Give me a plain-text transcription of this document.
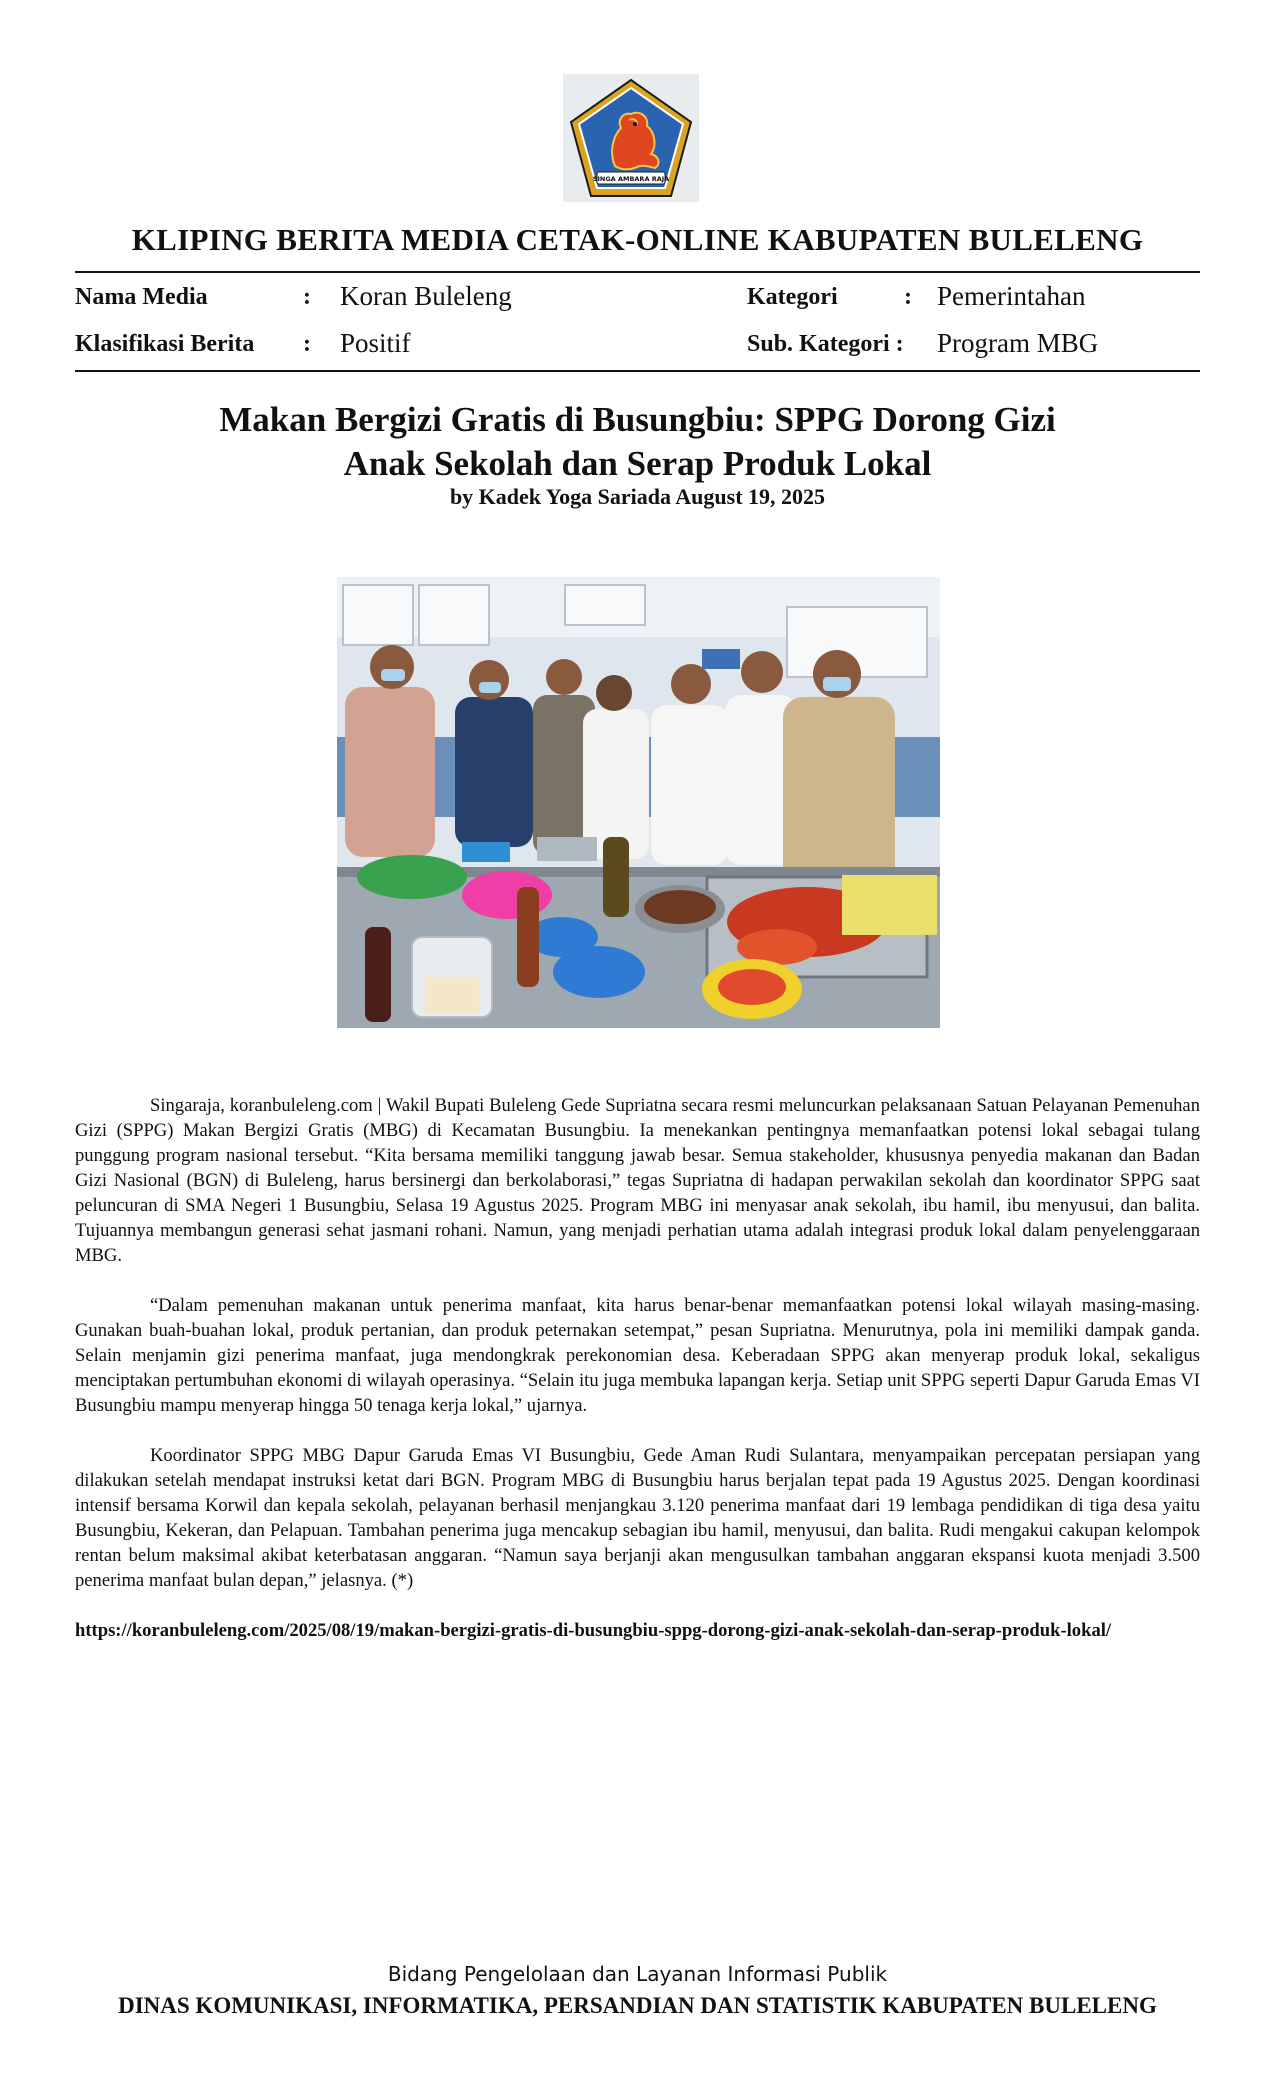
SINGA AMBARA RAJA
KLIPING BERITA MEDIA CETAK-ONLINE KABUPATEN BULELENG
Nama Media	: Koran Buleleng
Klasifikasi Berita : Positif
Kategori	: Pemerintahan
Sub. Kategori : Program MBG
Makan Bergizi Gratis di Busungbiu: SPPG Dorong Gizi
Anak Sekolah dan Serap Produk Lokal

by Kadek Yoga Sariada August 19, 2025

Singaraja, koranbuleleng.com | Wakil Bupati Buleleng Gede Supriatna secara resmi meluncurkan pelaksanaan Satuan Pelayanan Pemenuhan Gizi (SPPG) Makan Bergizi Gratis (MBG) di Kecamatan Busungbiu. Ia menekankan pentingnya memanfaatkan potensi lokal sebagai tulang punggung program nasional tersebut. “Kita bersama memiliki tanggung jawab besar. Semua stakeholder, khususnya penyedia makanan dan Badan Gizi Nasional (BGN) di Buleleng, harus bersinergi dan berkolaborasi,” tegas Supriatna di hadapan perwakilan sekolah dan koordinator SPPG saat peluncuran di SMA Negeri 1 Busungbiu, Selasa 19 Agustus 2025. Program MBG ini menyasar anak sekolah, ibu hamil, ibu menyusui, dan balita. Tujuannya membangun generasi sehat jasmani rohani. Namun, yang menjadi perhatian utama adalah integrasi produk lokal dalam penyelenggaraan MBG.

“Dalam pemenuhan makanan untuk penerima manfaat, kita harus benar-benar memanfaatkan potensi lokal wilayah masing-masing. Gunakan buah-buahan lokal, produk pertanian, dan produk peternakan setempat,” pesan Supriatna. Menurutnya, pola ini memiliki dampak ganda. Selain menjamin gizi penerima manfaat, juga mendongkrak perekonomian desa. Keberadaan SPPG akan menyerap produk lokal, sekaligus menciptakan pertumbuhan ekonomi di wilayah operasinya. “Selain itu juga membuka lapangan kerja. Setiap unit SPPG seperti Dapur Garuda Emas VI Busungbiu mampu menyerap hingga 50 tenaga kerja lokal,” ujarnya.

Koordinator SPPG MBG Dapur Garuda Emas VI Busungbiu, Gede Aman Rudi Sulantara, menyampaikan percepatan persiapan yang dilakukan setelah mendapat instruksi ketat dari BGN. Program MBG di Busungbiu harus berjalan tepat pada 19 Agustus 2025. Dengan koordinasi intensif bersama Korwil dan kepala sekolah, pelayanan berhasil menjangkau 3.120 penerima manfaat dari 19 lembaga pendidikan di tiga desa yaitu Busungbiu, Kekeran, dan Pelapuan. Tambahan penerima juga mencakup sebagian ibu hamil, menyusui, dan balita. Rudi mengakui cakupan kelompok rentan belum maksimal akibat keterbatasan anggaran. “Namun saya berjanji akan mengusulkan tambahan anggaran ekspansi kuota menjadi 3.500 penerima manfaat bulan depan,” jelasnya. (*)

https://koranbuleleng.com/2025/08/19/makan-bergizi-gratis-di-busungbiu-sppg-dorong-gizi-anak-sekolah-dan-serap-produk-lokal/

Bidang Pengelolaan dan Layanan Informasi Publik

DINAS KOMUNIKASI, INFORMATIKA, PERSANDIAN DAN STATISTIK KABUPATEN BULELENG
